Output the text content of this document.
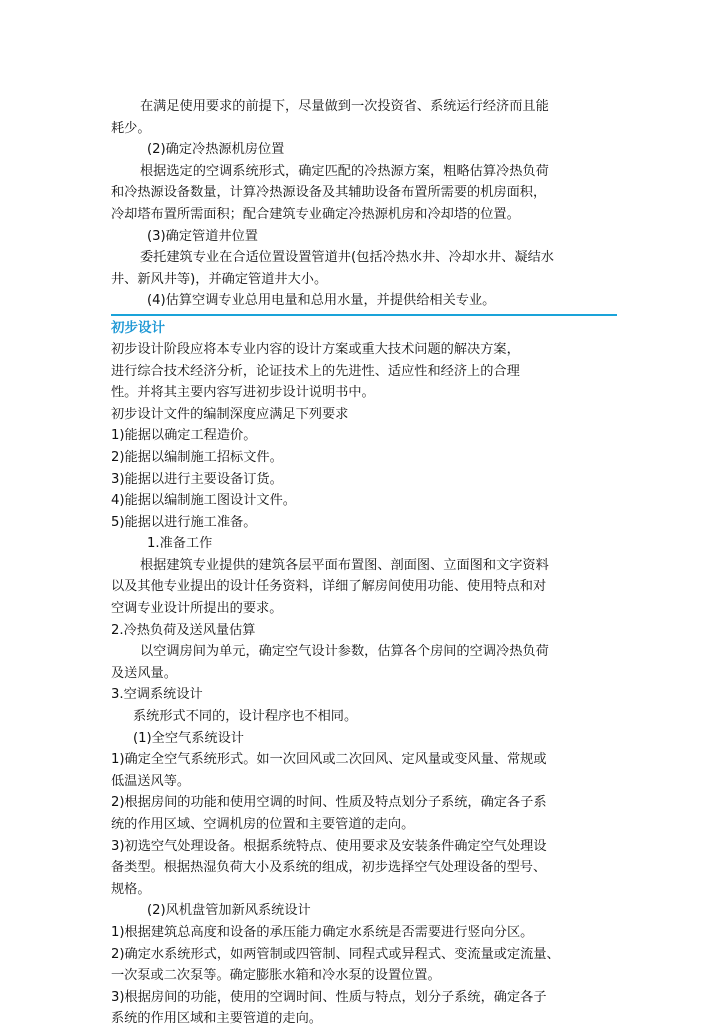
在满足使用要求的前提下，尽量做到一次投资省、系统运行经济而且能

耗少。

(2)确定冷热源机房位置

根据选定的空调系统形式，确定匹配的冷热源方案，粗略估算冷热负荷

和冷热源设备数量，计算冷热源设备及其辅助设备布置所需要的机房面积，

冷却塔布置所需面积；配合建筑专业确定冷热源机房和冷却塔的位置。

(3)确定管道井位置

委托建筑专业在合适位置设置管道井(包括冷热水井、冷却水井、凝结水

井、新风井等)，并确定管道井大小。

(4)估算空调专业总用电量和总用水量，并提供给相关专业。

初步设计

初步设计阶段应将本专业内容的设计方案或重大技术问题的解决方案，

进行综合技术经济分析，论证技术上的先进性、适应性和经济上的合理

性。并将其主要内容写进初步设计说明书中。

初步设计文件的编制深度应满足下列要求

1)能据以确定工程造价。

2)能据以编制施工招标文件。

3)能据以进行主要设备订货。

4)能据以编制施工图设计文件。

5)能据以进行施工准备。

1.准备工作

根据建筑专业提供的建筑各层平面布置图、剖面图、立面图和文字资料

以及其他专业提出的设计任务资料，详细了解房间使用功能、使用特点和对

空调专业设计所提出的要求。

2.冷热负荷及送风量估算

以空调房间为单元，确定空气设计参数，估算各个房间的空调冷热负荷

及送风量。

3.空调系统设计

系统形式不同的，设计程序也不相同。

(1)全空气系统设计

1)确定全空气系统形式。如一次回风或二次回风、定风量或变风量、常规或

低温送风等。

2)根据房间的功能和使用空调的时间、性质及特点划分子系统，确定各子系

统的作用区域、空调机房的位置和主要管道的走向。

3)初选空气处理设备。根据系统特点、使用要求及安装条件确定空气处理设

备类型。根据热湿负荷大小及系统的组成，初步选择空气处理设备的型号、

规格。

(2)风机盘管加新风系统设计

1)根据建筑总高度和设备的承压能力确定水系统是否需要进行竖向分区。

2)确定水系统形式，如两管制或四管制、同程式或异程式、变流量或定流量、

一次泵或二次泵等。确定膨胀水箱和冷水泵的设置位置。

3)根据房间的功能，使用的空调时间、性质与特点，划分子系统，确定各子

系统的作用区域和主要管道的走向。
